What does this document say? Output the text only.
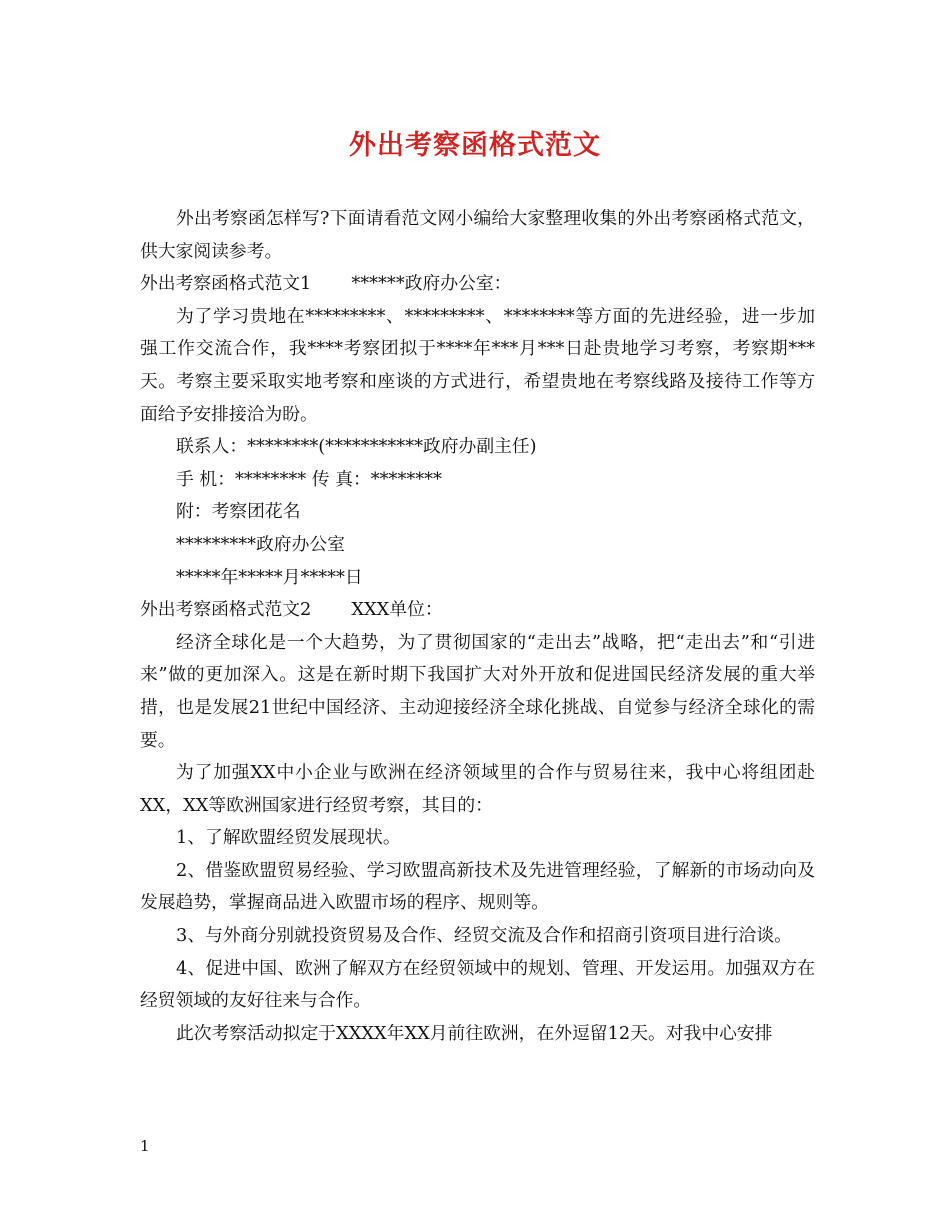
外出考察函格式范文

外出考察函怎样写?下面请看范文网小编给大家整理收集的外出考察函格式范文，供大家阅读参考。

外出考察函格式范文1 ******政府办公室：

为了学习贵地在*********、*********、********等方面的先进经验，进一步加强工作交流合作，我****考察团拟于****年***月***日赴贵地学习考察，考察期***天。考察主要采取实地考察和座谈的方式进行，希望贵地在考察线路及接待工作等方面给予安排接洽为盼。

联系人：********(***********政府办副主任)

手 机：******** 传 真：********

附：考察团花名

*********政府办公室

*****年*****月*****日

外出考察函格式范文2 XXX单位：

经济全球化是一个大趋势，为了贯彻国家的“走出去”战略，把“走出去”和“引进来”做的更加深入。这是在新时期下我国扩大对外开放和促进国民经济发展的重大举措，也是发展21世纪中国经济、主动迎接经济全球化挑战、自觉参与经济全球化的需要。

为了加强XX中小企业与欧洲在经济领域里的合作与贸易往来，我中心将组团赴XX，XX等欧洲国家进行经贸考察，其目的：

1、了解欧盟经贸发展现状。

2、借鉴欧盟贸易经验、学习欧盟高新技术及先进管理经验，了解新的市场动向及发展趋势，掌握商品进入欧盟市场的程序、规则等。

3、与外商分别就投资贸易及合作、经贸交流及合作和招商引资项目进行洽谈。

4、促进中国、欧洲了解双方在经贸领域中的规划、管理、开发运用。加强双方在经贸领域的友好往来与合作。

此次考察活动拟定于XXXX年XX月前往欧洲，在外逗留12天。对我中心安排

1
